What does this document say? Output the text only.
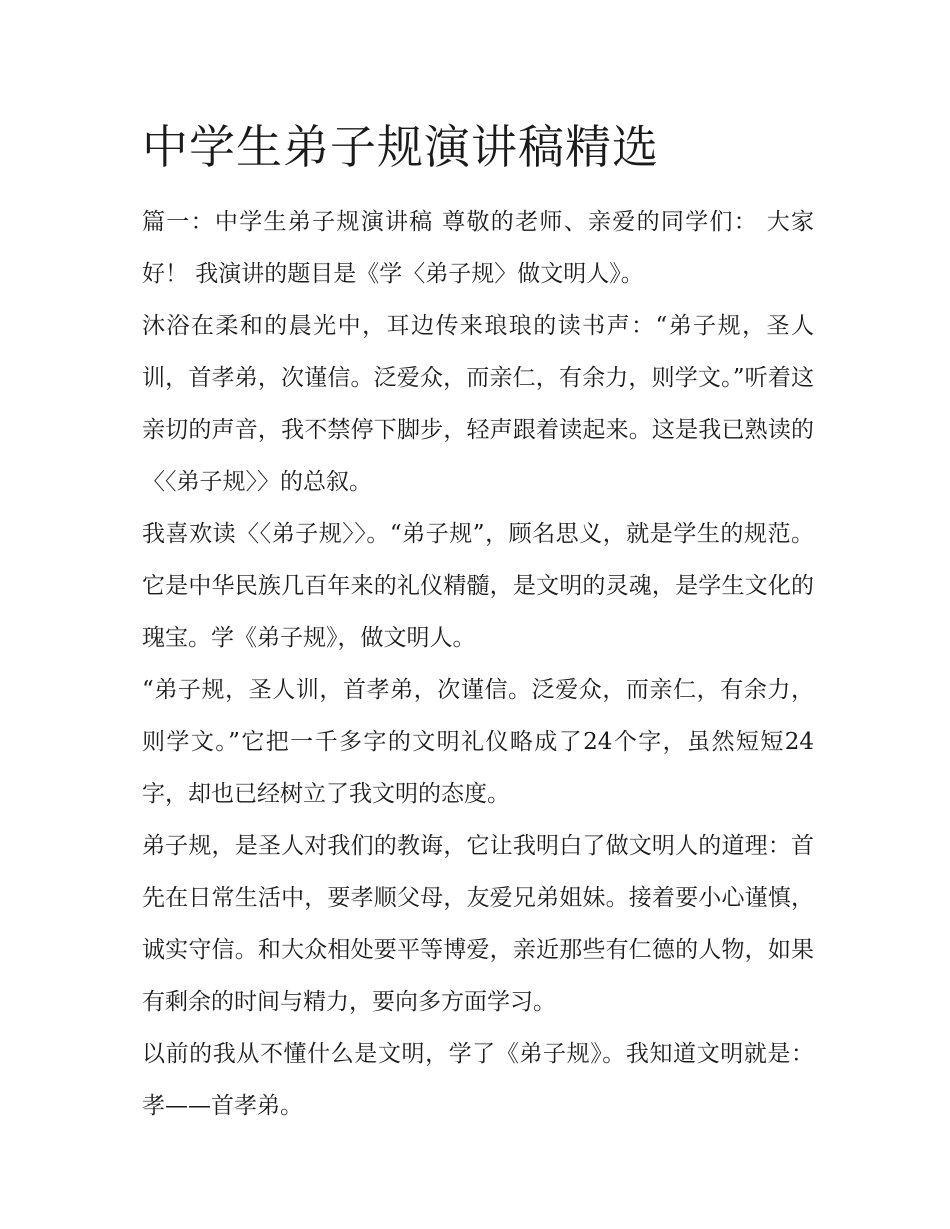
中学生弟子规演讲稿精选

篇一：中学生弟子规演讲稿 尊敬的老师、亲爱的同学们： 大家好！ 我演讲的题目是《学〈弟子规〉做文明人》。

沐浴在柔和的晨光中，耳边传来琅琅的读书声：“弟子规，圣人训，首孝弟，次谨信。泛爱众，而亲仁，有余力，则学文。”听着这亲切的声音，我不禁停下脚步，轻声跟着读起来。这是我已熟读的〈〈弟子规〉〉的总叙。

我喜欢读〈〈弟子规〉〉。“弟子规”，顾名思义，就是学生的规范。它是中华民族几百年来的礼仪精髓，是文明的灵魂，是学生文化的瑰宝。学《弟子规》，做文明人。

“弟子规，圣人训，首孝弟，次谨信。泛爱众，而亲仁，有余力，则学文。”它把一千多字的文明礼仪略成了24个字，虽然短短24字，却也已经树立了我文明的态度。

弟子规，是圣人对我们的教诲，它让我明白了做文明人的道理：首先在日常生活中，要孝顺父母，友爱兄弟姐妹。接着要小心谨慎，诚实守信。和大众相处要平等博爱，亲近那些有仁德的人物，如果有剩余的时间与精力，要向多方面学习。

以前的我从不懂什么是文明，学了《弟子规》。我知道文明就是：孝——首孝弟。
